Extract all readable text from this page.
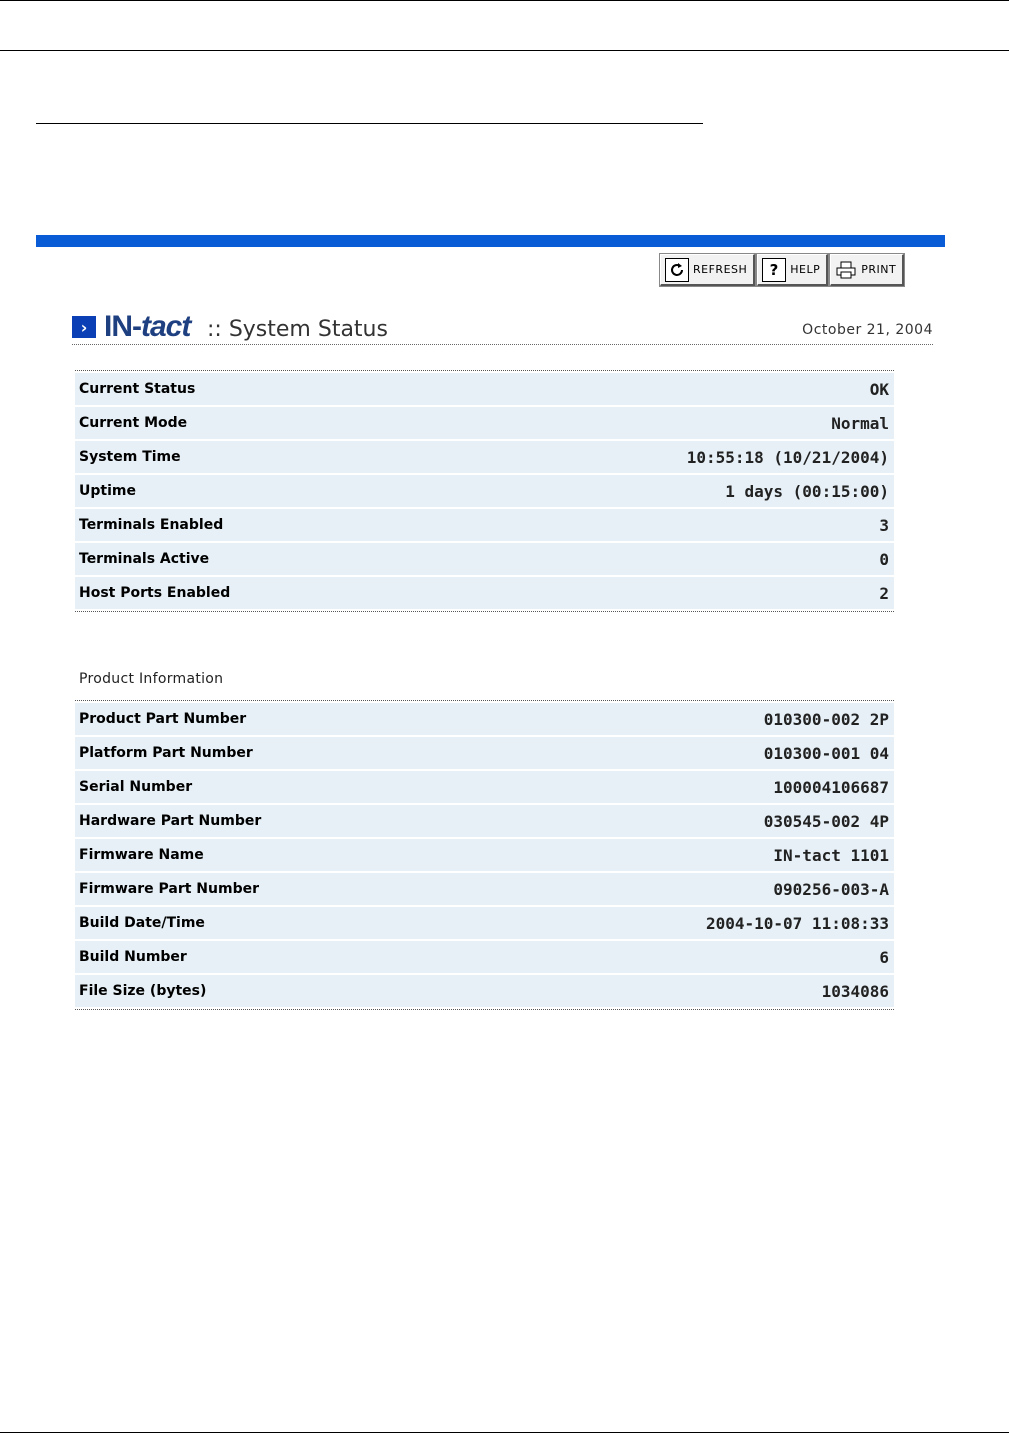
REFRESH	?	HELP	PRINT
› IN-tact :: System Status	October 21, 2004
Current Status	OK
Current Mode	Normal
System Time	10:55:18 (10/21/2004)
Uptime	1 days (00:15:00)
Terminals Enabled	3
Terminals Active	0
Host Ports Enabled	2
Product Information
Product Part Number	010300-002 2P
Platform Part Number	010300-001 04
Serial Number	100004106687
Hardware Part Number	030545-002 4P
Firmware Name	IN-tact 1101
Firmware Part Number	090256-003-A
Build Date/Time	2004-10-07 11:08:33
Build Number	6
File Size (bytes)	1034086
